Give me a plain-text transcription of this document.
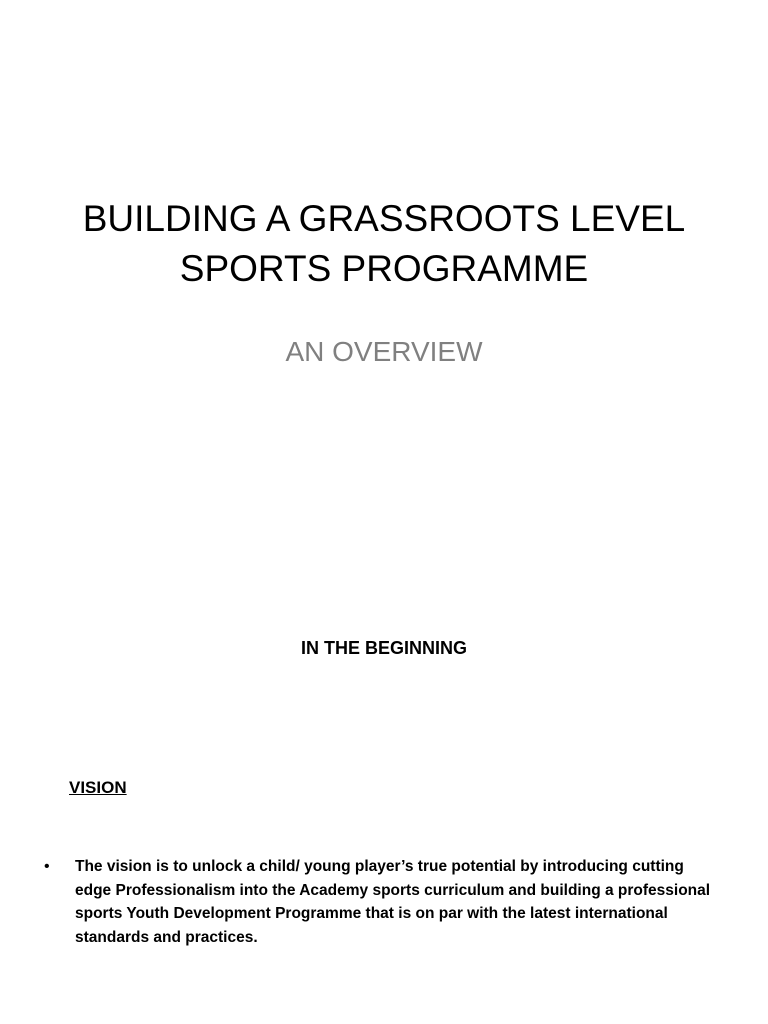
BUILDING A GRASSROOTS LEVEL
SPORTS PROGRAMME

AN OVERVIEW

IN THE BEGINNING
VISION
• The vision is to unlock a child/ young player’s true potential by introducing cutting edge Professionalism into the Academy sports curriculum and building a professional sports Youth Development Programme that is on par with the latest international standards and practices.
